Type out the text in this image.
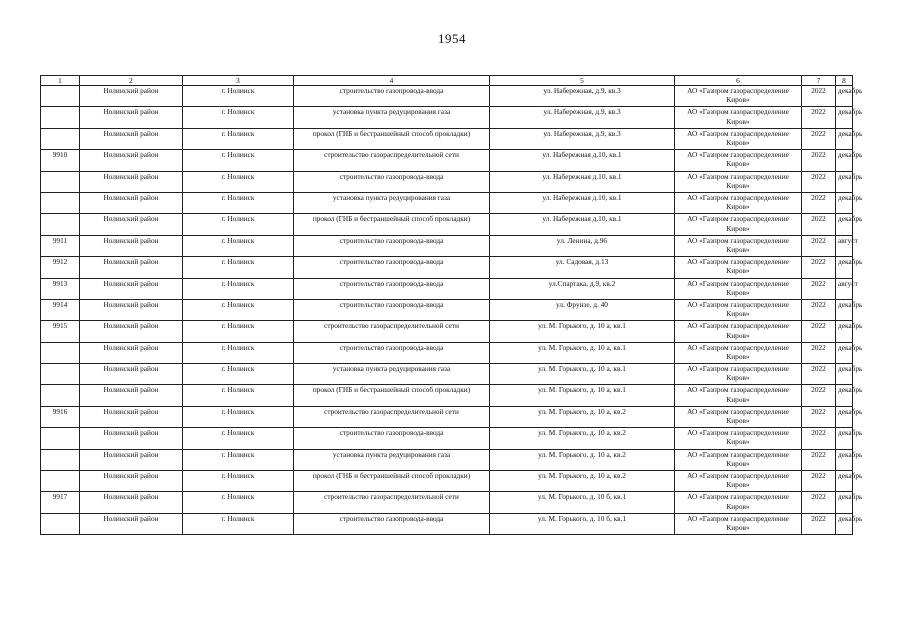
1954
1	2	3	4	5	6	7	8
	Нолинский район	г. Нолинск	строительство газопровода-ввода	ул. Набережная, д.9, кв.3	АО «Газпром газораспределение Киров»	2022	декабрь
	Нолинский район	г. Нолинск	установка пункта редуцирования газа	ул. Набережная, д.9, кв.3	АО «Газпром газораспределение Киров»	2022	декабрь
	Нолинский район	г. Нолинск	прокол (ГНБ и бестраншейный способ прокладки)	ул. Набережная, д.9, кв.3	АО «Газпром газораспределение Киров»	2022	декабрь
9910	Нолинский район	г. Нолинск	строительство газораспределительной сети	ул. Набережная д.10, кв.1	АО «Газпром газораспределение Киров»	2022	декабрь
	Нолинский район	г. Нолинск	строительство газопровода-ввода	ул. Набережная д.10, кв.1	АО «Газпром газораспределение Киров»	2022	декабрь
	Нолинский район	г. Нолинск	установка пункта редуцирования газа	ул. Набережная д.10, кв.1	АО «Газпром газораспределение Киров»	2022	декабрь
	Нолинский район	г. Нолинск	прокол (ГНБ и бестраншейный способ прокладки)	ул. Набережная д.10, кв.1	АО «Газпром газораспределение Киров»	2022	декабрь
9911	Нолинский район	г. Нолинск	строительство газопровода-ввода	ул. Ленина, д.96	АО «Газпром газораспределение Киров»	2022	август
9912	Нолинский район	г. Нолинск	строительство газопровода-ввода	ул. Садовая, д.13	АО «Газпром газораспределение Киров»	2022	декабрь
9913	Нолинский район	г. Нолинск	строительство газопровода-ввода	ул.Спартака, д.9, кв.2	АО «Газпром газораспределение Киров»	2022	август
9914	Нолинский район	г. Нолинск	строительство газопровода-ввода	ул. Фрунзе, д. 40	АО «Газпром газораспределение Киров»	2022	декабрь
9915	Нолинский район	г. Нолинск	строительство газораспределительной сети	ул. М. Горького, д. 10 а, кв.1	АО «Газпром газораспределение Киров»	2022	декабрь
	Нолинский район	г. Нолинск	строительство газопровода-ввода	ул. М. Горького, д. 10 а, кв.1	АО «Газпром газораспределение Киров»	2022	декабрь
	Нолинский район	г. Нолинск	установка пункта редуцирования газа	ул. М. Горького, д. 10 а, кв.1	АО «Газпром газораспределение Киров»	2022	декабрь
	Нолинский район	г. Нолинск	прокол (ГНБ и бестраншейный способ прокладки)	ул. М. Горького, д. 10 а, кв.1	АО «Газпром газораспределение Киров»	2022	декабрь
9916	Нолинский район	г. Нолинск	строительство газораспределительной сети	ул. М. Горького, д. 10 а, кв.2	АО «Газпром газораспределение Киров»	2022	декабрь
	Нолинский район	г. Нолинск	строительство газопровода-ввода	ул. М. Горького, д. 10 а, кв.2	АО «Газпром газораспределение Киров»	2022	декабрь
	Нолинский район	г. Нолинск	установка пункта редуцирования газа	ул. М. Горького, д. 10 а, кв.2	АО «Газпром газораспределение Киров»	2022	декабрь
	Нолинский район	г. Нолинск	прокол (ГНБ и бестраншейный способ прокладки)	ул. М. Горького, д. 10 а, кв.2	АО «Газпром газораспределение Киров»	2022	декабрь
9917	Нолинский район	г. Нолинск	строительство газораспределительной сети	ул. М. Горького, д. 10 б, кв.1	АО «Газпром газораспределение Киров»	2022	декабрь
	Нолинский район	г. Нолинск	строительство газопровода-ввода	ул. М. Горького, д. 10 б, кв.1	АО «Газпром газораспределение Киров»	2022	декабрь
